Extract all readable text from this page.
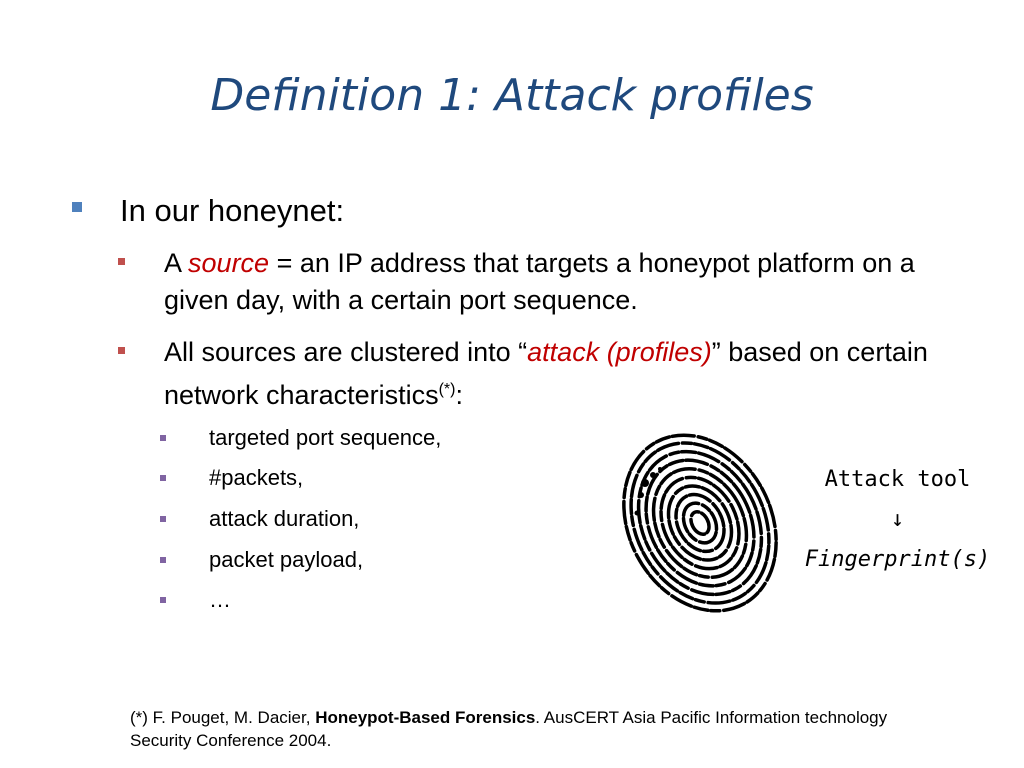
Definition 1: Attack profiles
In our honeynet:
A source = an IP address that targets a honeypot platform on a given day, with a certain port sequence.
All sources are clustered into “attack (profiles)” based on certain network characteristics(*):
targeted port sequence,
#packets,
attack duration,
packet payload,
…
Attack tool
↓
Fingerprint(s)
(*) F. Pouget, M. Dacier, Honeypot-Based Forensics. AusCERT Asia Pacific Information technology Security Conference 2004.
